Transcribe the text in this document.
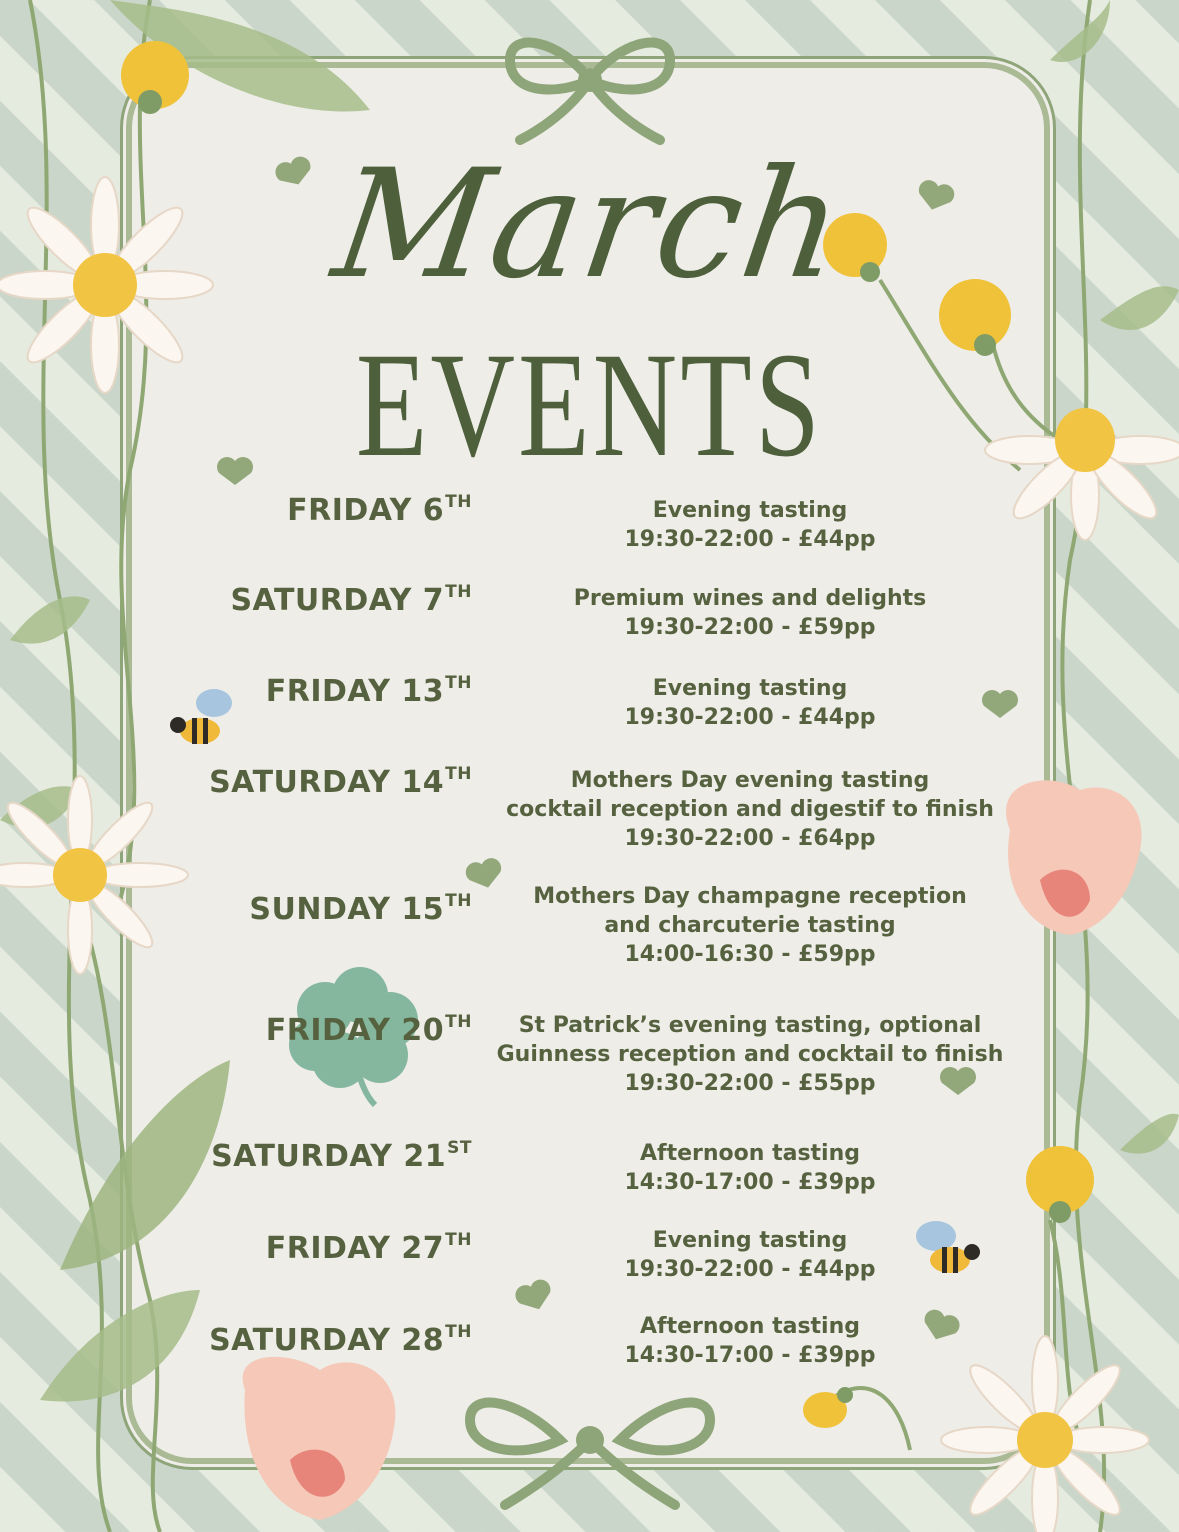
March
EVENTS
FRIDAY 6TH	Evening tasting
19:30-22:00 - £44pp
SATURDAY 7TH	Premium wines and delights
19:30-22:00 - £59pp
FRIDAY 13TH	Evening tasting
19:30-22:00 - £44pp
SATURDAY 14TH	Mothers Day evening tasting
cocktail reception and digestif to finish
19:30-22:00 - £64pp
SUNDAY 15TH	Mothers Day champagne reception
and charcuterie tasting
14:00-16:30 - £59pp
FRIDAY 20TH	St Patrick’s evening tasting, optional
Guinness reception and cocktail to finish
19:30-22:00 - £55pp
SATURDAY 21ST	Afternoon tasting
14:30-17:00 - £39pp
FRIDAY 27TH	Evening tasting
19:30-22:00 - £44pp
SATURDAY 28TH	Afternoon tasting
14:30-17:00 - £39pp
